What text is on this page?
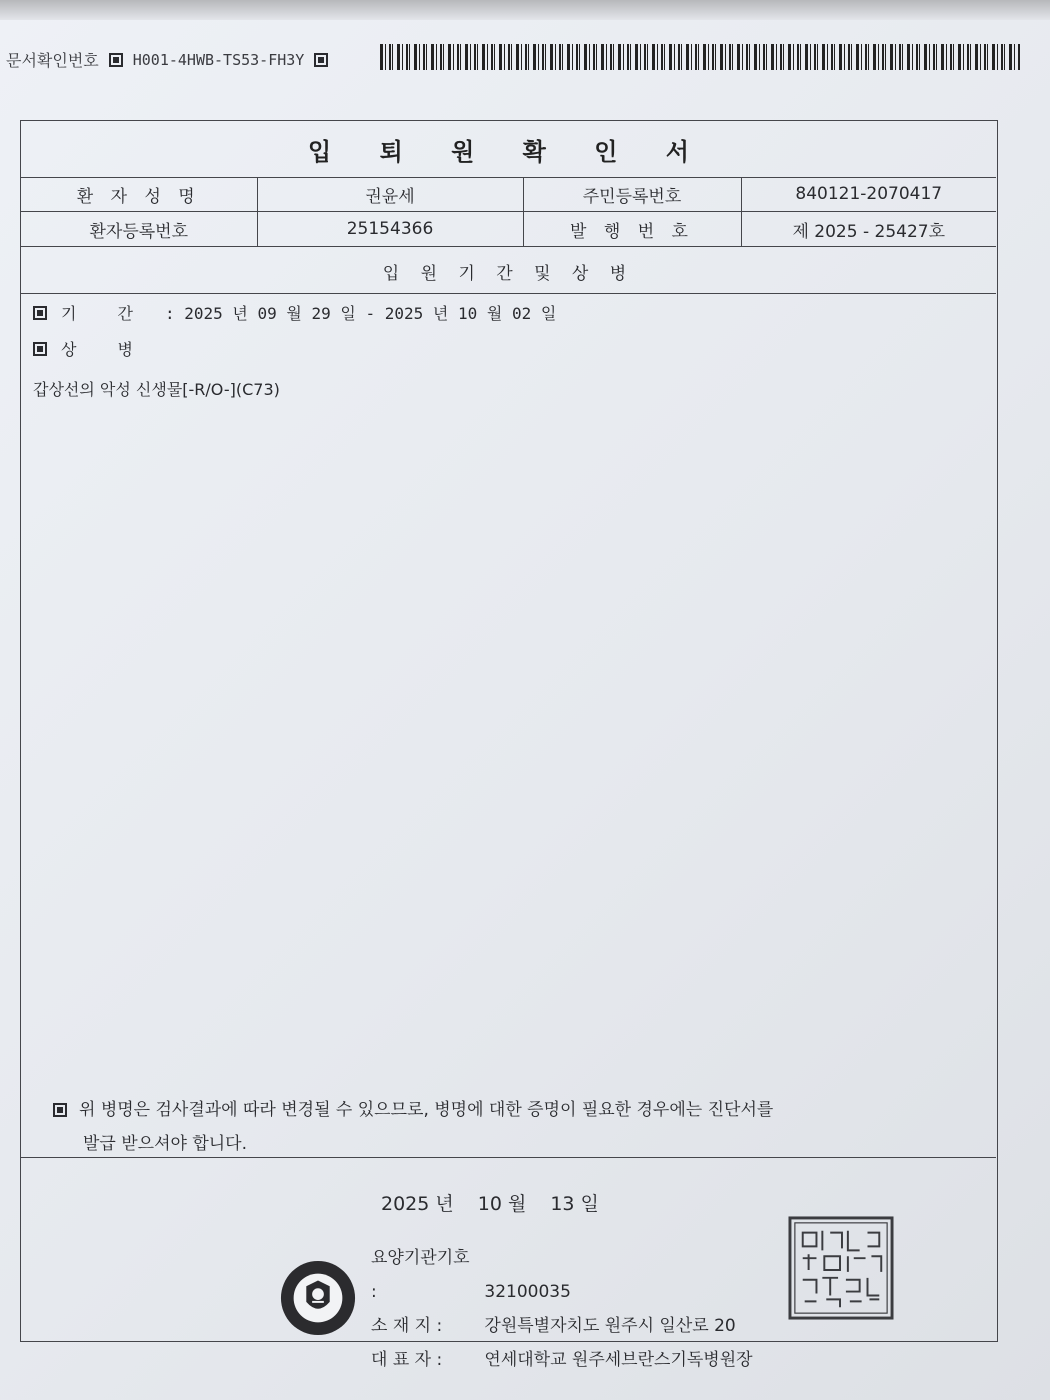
문서확인번호 H001-4HWB-TS53-FH3Y
입 퇴 원 확 인 서
환 자 성 명	권윤세	주민등록번호	840121-2070417
환자등록번호	25154366	발 행 번 호	제 2025 - 25427호
입 원 기 간 및 상 병
기 간 : 2025 년 09 월 29 일 - 2025 년 10 월 02 일
상 병
갑상선의 악성 신생물[-R/O-](C73)
위 병명은 검사결과에 따라 변경될 수 있으므로, 병명에 대한 증명이 필요한 경우에는 진단서를
발급 받으셔야 합니다.
2025 년 10 월 13 일
요양기관기호 :	32100035
소 재 지 : 강원특별자치도 원주시 일산로 20
대 표 자 : 연세대학교 원주세브란스기독병원장
